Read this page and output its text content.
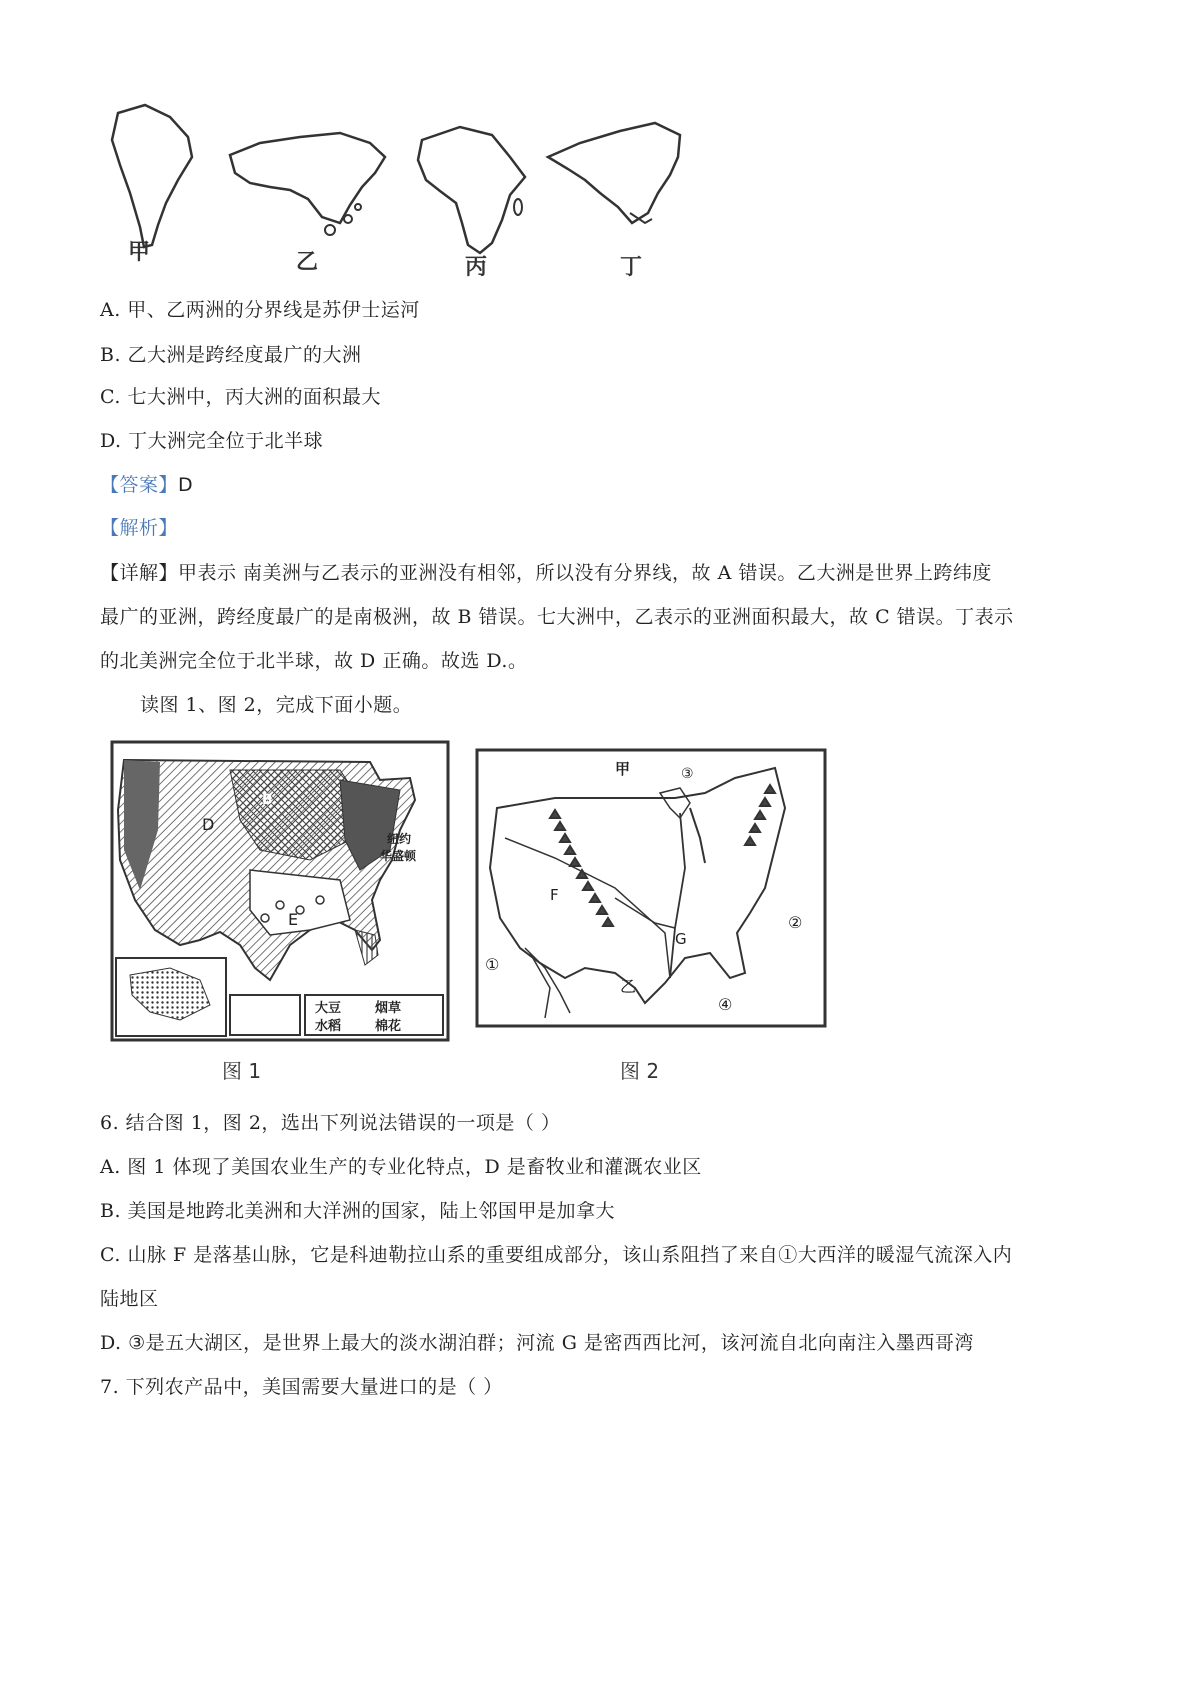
甲	乙	丙	丁
A. 甲、乙两洲的分界线是苏伊士运河
B. 乙大洲是跨经度最广的大洲
C. 七大洲中，丙大洲的面积最大
D. 丁大洲完全位于北半球
【答案】D
【解析】
【详解】甲表示 南美洲与乙表示的亚洲没有相邻，所以没有分界线，故 A 错误。乙大洲是世界上跨纬度
最广的亚洲，跨经度最广的是南极洲，故 B 错误。七大洲中，乙表示的亚洲面积最大，故 C 错误。丁表示
的北美洲完全位于北半球，故 D 正确。故选 D.。
读图 1、图 2，完成下面小题。
大豆	烟草
水稻	棉花
D
B
E
纽约
华盛顿
图 1
甲
F
G
乙
①
②
③
④
图 2
6. 结合图 1，图 2，选出下列说法错误的一项是（ ）
A. 图 1 体现了美国农业生产的专业化特点，D 是畜牧业和灌溉农业区
B. 美国是地跨北美洲和大洋洲的国家，陆上邻国甲是加拿大
C. 山脉 F 是落基山脉，它是科迪勒拉山系的重要组成部分，该山系阻挡了来自①大西洋的暖湿气流深入内
陆地区
D. ③是五大湖区，是世界上最大的淡水湖泊群；河流 G 是密西西比河，该河流自北向南注入墨西哥湾
7. 下列农产品中，美国需要大量进口的是（ ）
